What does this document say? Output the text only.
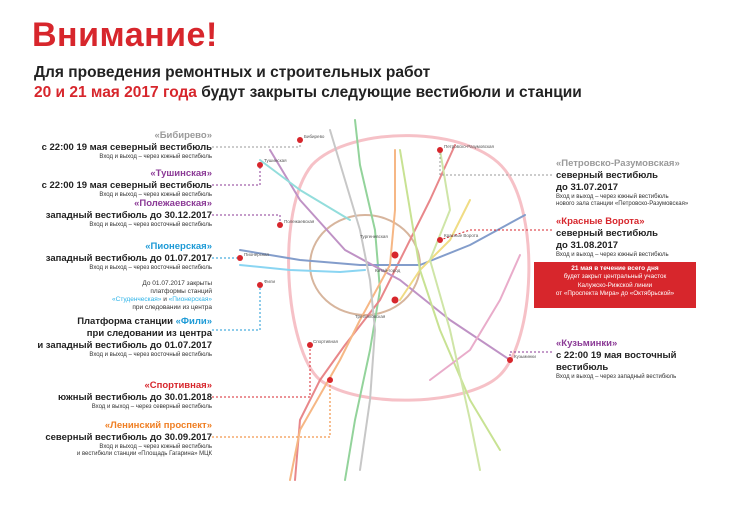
Внимание!
Для проведения ремонтных и строительных работ
20 и 21 мая 2017 года будут закрыты следующие вестибюли и станции
Тушинская
Петровско-Разумовская
Красные Ворота
Тургеневская
Китай-город
Третьяковская
Спортивная
Полежаевская
Пионерская
Фили
Кузьминки
Бибирево
«Бибирево»
с 22:00 19 мая северный вестибюль
Вход и выход – через южный вестибюль
«Тушинская»
с 22:00 19 мая северный вестибюль
Вход и выход – через южный вестибюль
«Полежаевская»
западный вестибюль до 30.12.2017
Вход и выход – через восточный вестибюль
«Пионерская»
западный вестибюль до 01.07.2017
Вход и выход – через восточный вестибюль
До 01.07.2017 закрыты
платформы станций
«Студенческая» и «Пионерская»
при следовании из центра
Платформа станции «Фили»
при следовании из центра
и западный вестибюль до 01.07.2017
Вход и выход – через восточный вестибюль
«Спортивная»
южный вестибюль до 30.01.2018
Вход и выход – через северный вестибюль
«Ленинский проспект»
северный вестибюль до 30.09.2017
Вход и выход – через южный вестибюль
и вестибюли станции «Площадь Гагарина» МЦК
«Петровско-Разумовская»
северный вестибюль
до 31.07.2017
Вход и выход – через южный вестибюль
нового зала станции «Петровско-Разумовская»
«Красные Ворота»
северный вестибюль
до 31.08.2017
Вход и выход – через южный вестибюль
21 мая в течение всего дня
будет закрыт центральный участок
Калужско-Рижской линии
от «Проспекта Мира» до «Октябрьской»
«Кузьминки»
с 22:00 19 мая восточный вестибюль
Вход и выход – через западный вестибюль
